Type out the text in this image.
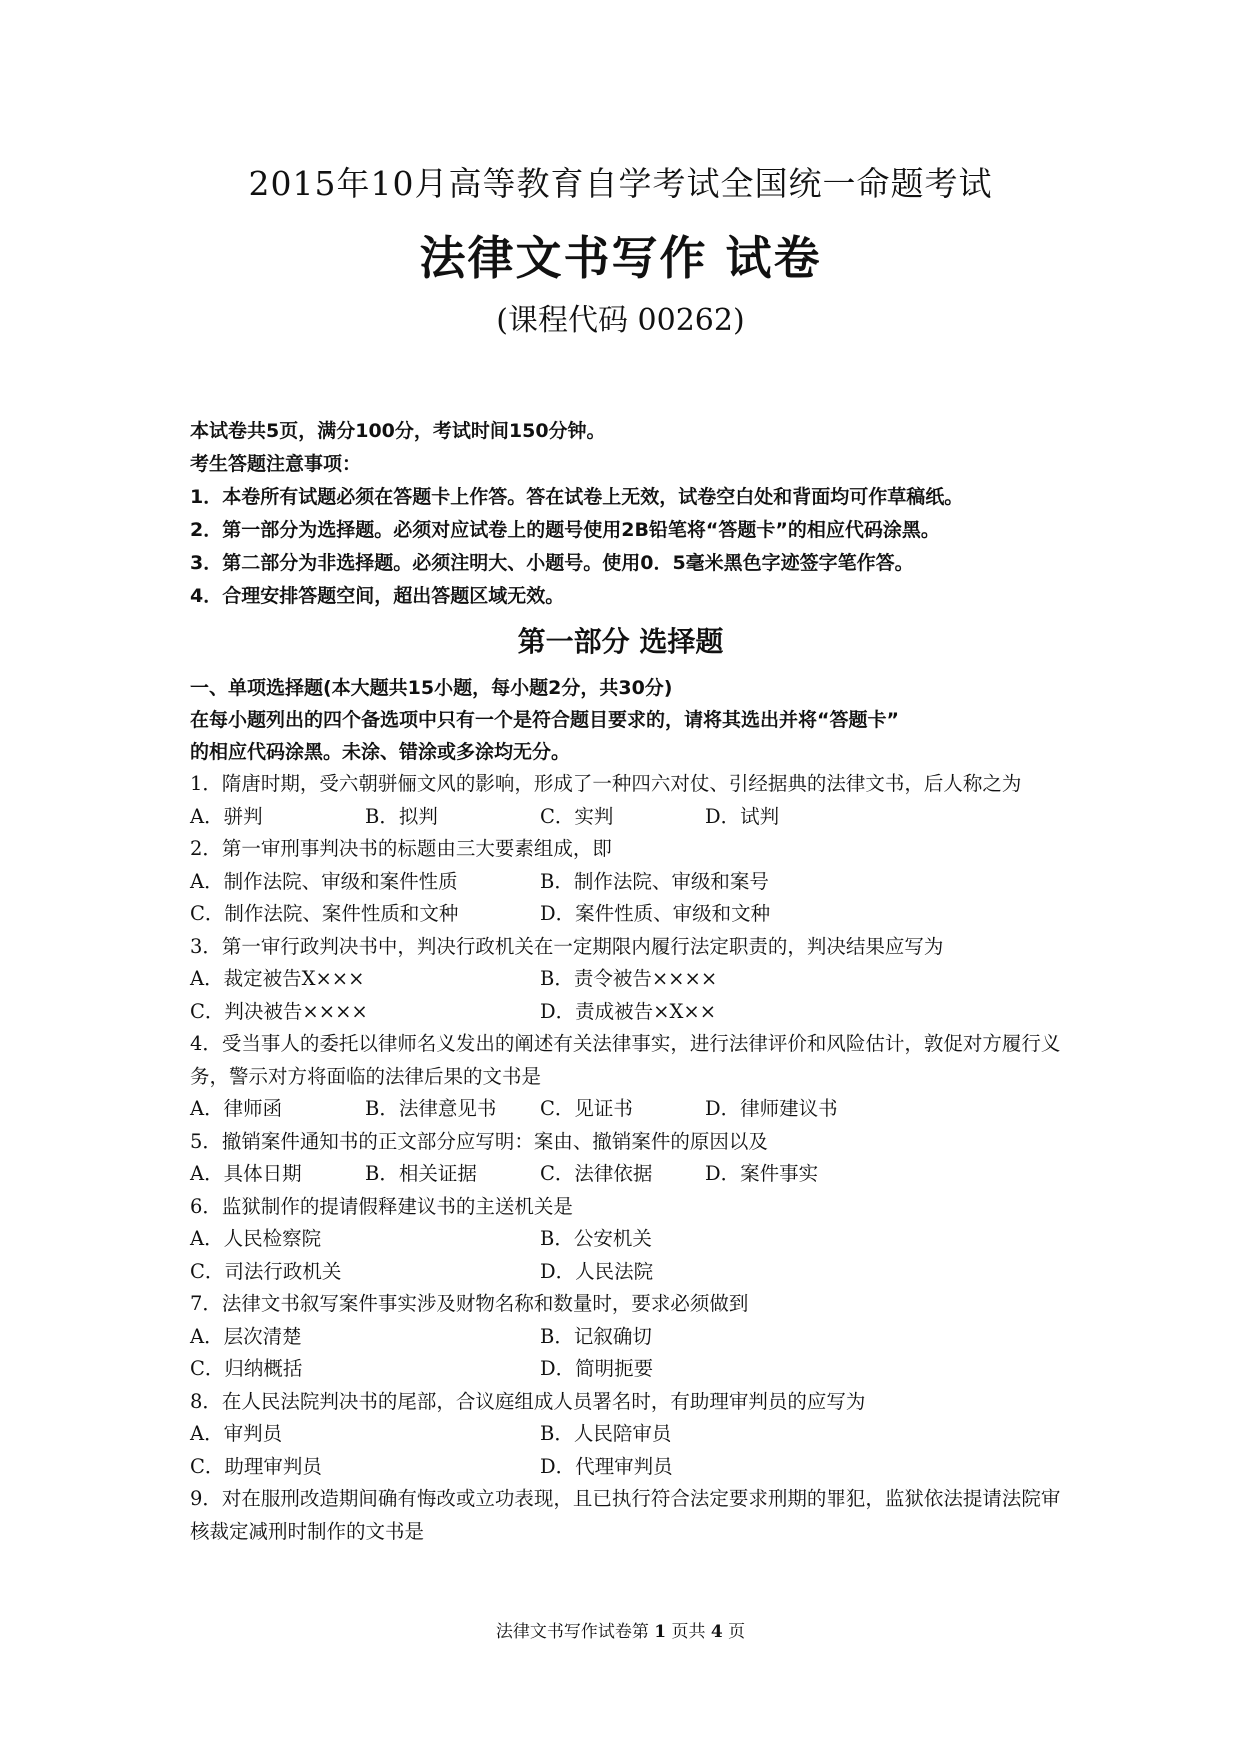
2015年10月高等教育自学考试全国统一命题考试
法律文书写作 试卷
(课程代码 00262)
本试卷共5页，满分100分，考试时间150分钟。
考生答题注意事项：
1．本卷所有试题必须在答题卡上作答。答在试卷上无效，试卷空白处和背面均可作草稿纸。
2．第一部分为选择题。必须对应试卷上的题号使用2B铅笔将“答题卡”的相应代码涂黑。
3．第二部分为非选择题。必须注明大、小题号。使用0．5毫米黑色字迹签字笔作答。
4．合理安排答题空间，超出答题区域无效。
第一部分 选择题
一、单项选择题(本大题共15小题，每小题2分，共30分)
在每小题列出的四个备选项中只有一个是符合题目要求的，请将其选出并将“答题卡”
的相应代码涂黑。未涂、错涂或多涂均无分。
1．隋唐时期，受六朝骈俪文风的影响，形成了一种四六对仗、引经据典的法律文书，后人称之为
A．骈判	B．拟判	C．实判	D．试判
2．第一审刑事判决书的标题由三大要素组成，即
A．制作法院、审级和案件性质	B．制作法院、审级和案号
C．制作法院、案件性质和文种	D．案件性质、审级和文种
3．第一审行政判决书中，判决行政机关在一定期限内履行法定职责的，判决结果应写为
A．裁定被告X×××	B．责令被告××××
C．判决被告××××	D．责成被告×X××
4．受当事人的委托以律师名义发出的阐述有关法律事实，进行法律评价和风险估计，敦促对方履行义务，警示对方将面临的法律后果的文书是
A．律师函	B．法律意见书	C．见证书	D．律师建议书
5．撤销案件通知书的正文部分应写明：案由、撤销案件的原因以及
A．具体日期	B．相关证据	C．法律依据	D．案件事实
6．监狱制作的提请假释建议书的主送机关是
A．人民检察院	B．公安机关
C．司法行政机关	D．人民法院
7．法律文书叙写案件事实涉及财物名称和数量时，要求必须做到
A．层次清楚	B．记叙确切
C．归纳概括	D．简明扼要
8．在人民法院判决书的尾部，合议庭组成人员署名时，有助理审判员的应写为
A．审判员	B．人民陪审员
C．助理审判员	D．代理审判员
9．对在服刑改造期间确有悔改或立功表现，且已执行符合法定要求刑期的罪犯，监狱依法提请法院审核裁定减刑时制作的文书是
法律文书写作试卷第 1 页共 4 页
